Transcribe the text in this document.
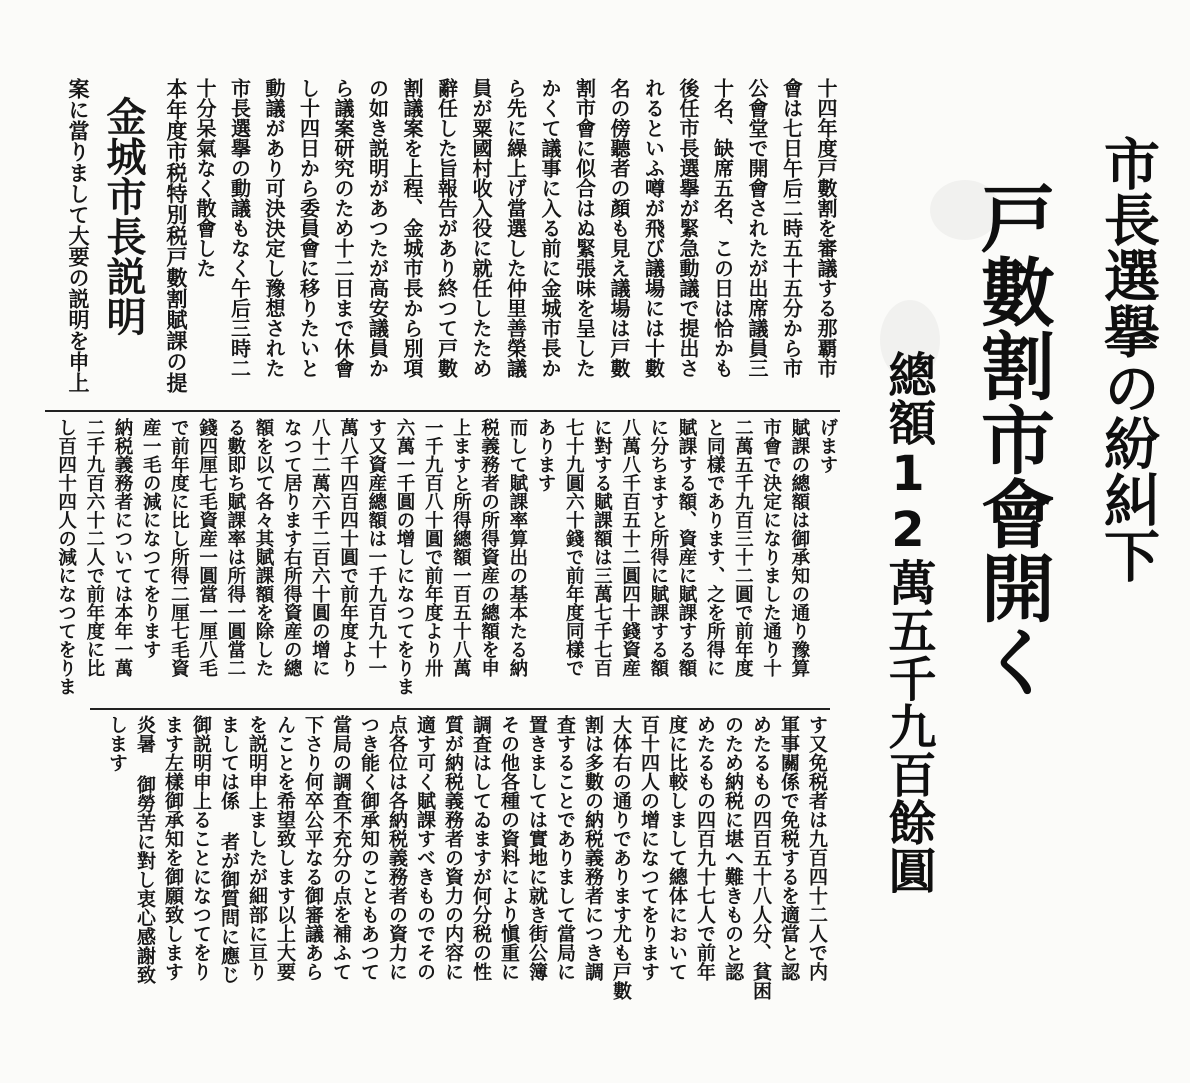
市長選擧の紛糾下
戸數割市會開く
總額12萬五千九百餘圓
十四年度戸數割を審議する那覇市
會は七日午后二時五十五分から市
公會堂で開會されたが出席議員三
十名、缺席五名、この日は恰かも
後任市長選擧が緊急動議で提出さ
れるといふ噂が飛び議場には十數
名の傍聽者の顏も見え議場は戸數
割市會に似合はぬ緊張味を呈した
かくて議事に入る前に金城市長か
ら先に繰上げ當選した仲里善榮議
員が粟國村收入役に就任したため
辭任した旨報告があり終つて戸數
割議案を上程、金城市長から別項
の如き説明があつたが高安議員か
ら議案研究のため十二日まで休會
し十四日から委員會に移りたいと
動議があり可決決定し豫想された
市長選擧の動議もなく午后三時二
十分呆氣なく散會した
金城市長説明 本年度市税特別税戸數割賦課の提
案に當りまして大要の説明を申上
げます
賦課の總額は御承知の通り豫算
市會で決定になりました通り十
二萬五千九百三十二圓で前年度
と同樣であります、之を所得に
賦課する額、資産に賦課する額
に分ちますと所得に賦課する額
八萬八千百五十二圓四十錢資産
に對する賦課額は三萬七千七百
七十九圓六十錢で前年度同樣で
あります
而して賦課率算出の基本たる納
税義務者の所得資産の總額を申
上ますと所得總額一百五十八萬
一千九百八十圓で前年度より卅
六萬一千圓の增しになつてをりま
す又資産總額は一千九百九十一
萬八千四百四十圓で前年度より
八十二萬六千二百六十圓の增に
なつて居ります右所得資産の總
額を以て各々其賦課額を除した
る數即ち賦課率は所得一圓當二
錢四厘七毛資産一圓當一厘八毛
で前年度に比し所得二厘七毛資
産一毛の減になつてをります
納税義務者については本年一萬
二千九百六十二人で前年度に比
し百四十四人の減になつてをりま
す又免税者は九百四十二人で内
軍事關係で免税するを適當と認
めたるもの四百五十八人分、貧困
のため納税に堪へ難きものと認
めたるもの四百九十七人で前年
度に比較しまして總体において
百十四人の增になつてをります
大体右の通りであります尤も戸數
割は多數の納税義務者につき調
査することでありまして當局に
置きましては實地に就き街公簿
その他各種の資料により愼重に
調査はしてゐますが何分税の性
質が納税義務者の資力の内容に
適す可く賦課すべきものでその
点各位は各納税義務者の資力に
つき能く御承知のこともあつて
當局の調査不充分の点を補ふて
下さり何卒公平なる御審議あら
んことを希望致します以上大要
を説明申上ましたが細部に亘り
ましては係 者が御質問に應じ
御説明申上ることになつてをり
ます左樣御承知を御願致します
炎暑 御勞苦に對し衷心感謝致
します
